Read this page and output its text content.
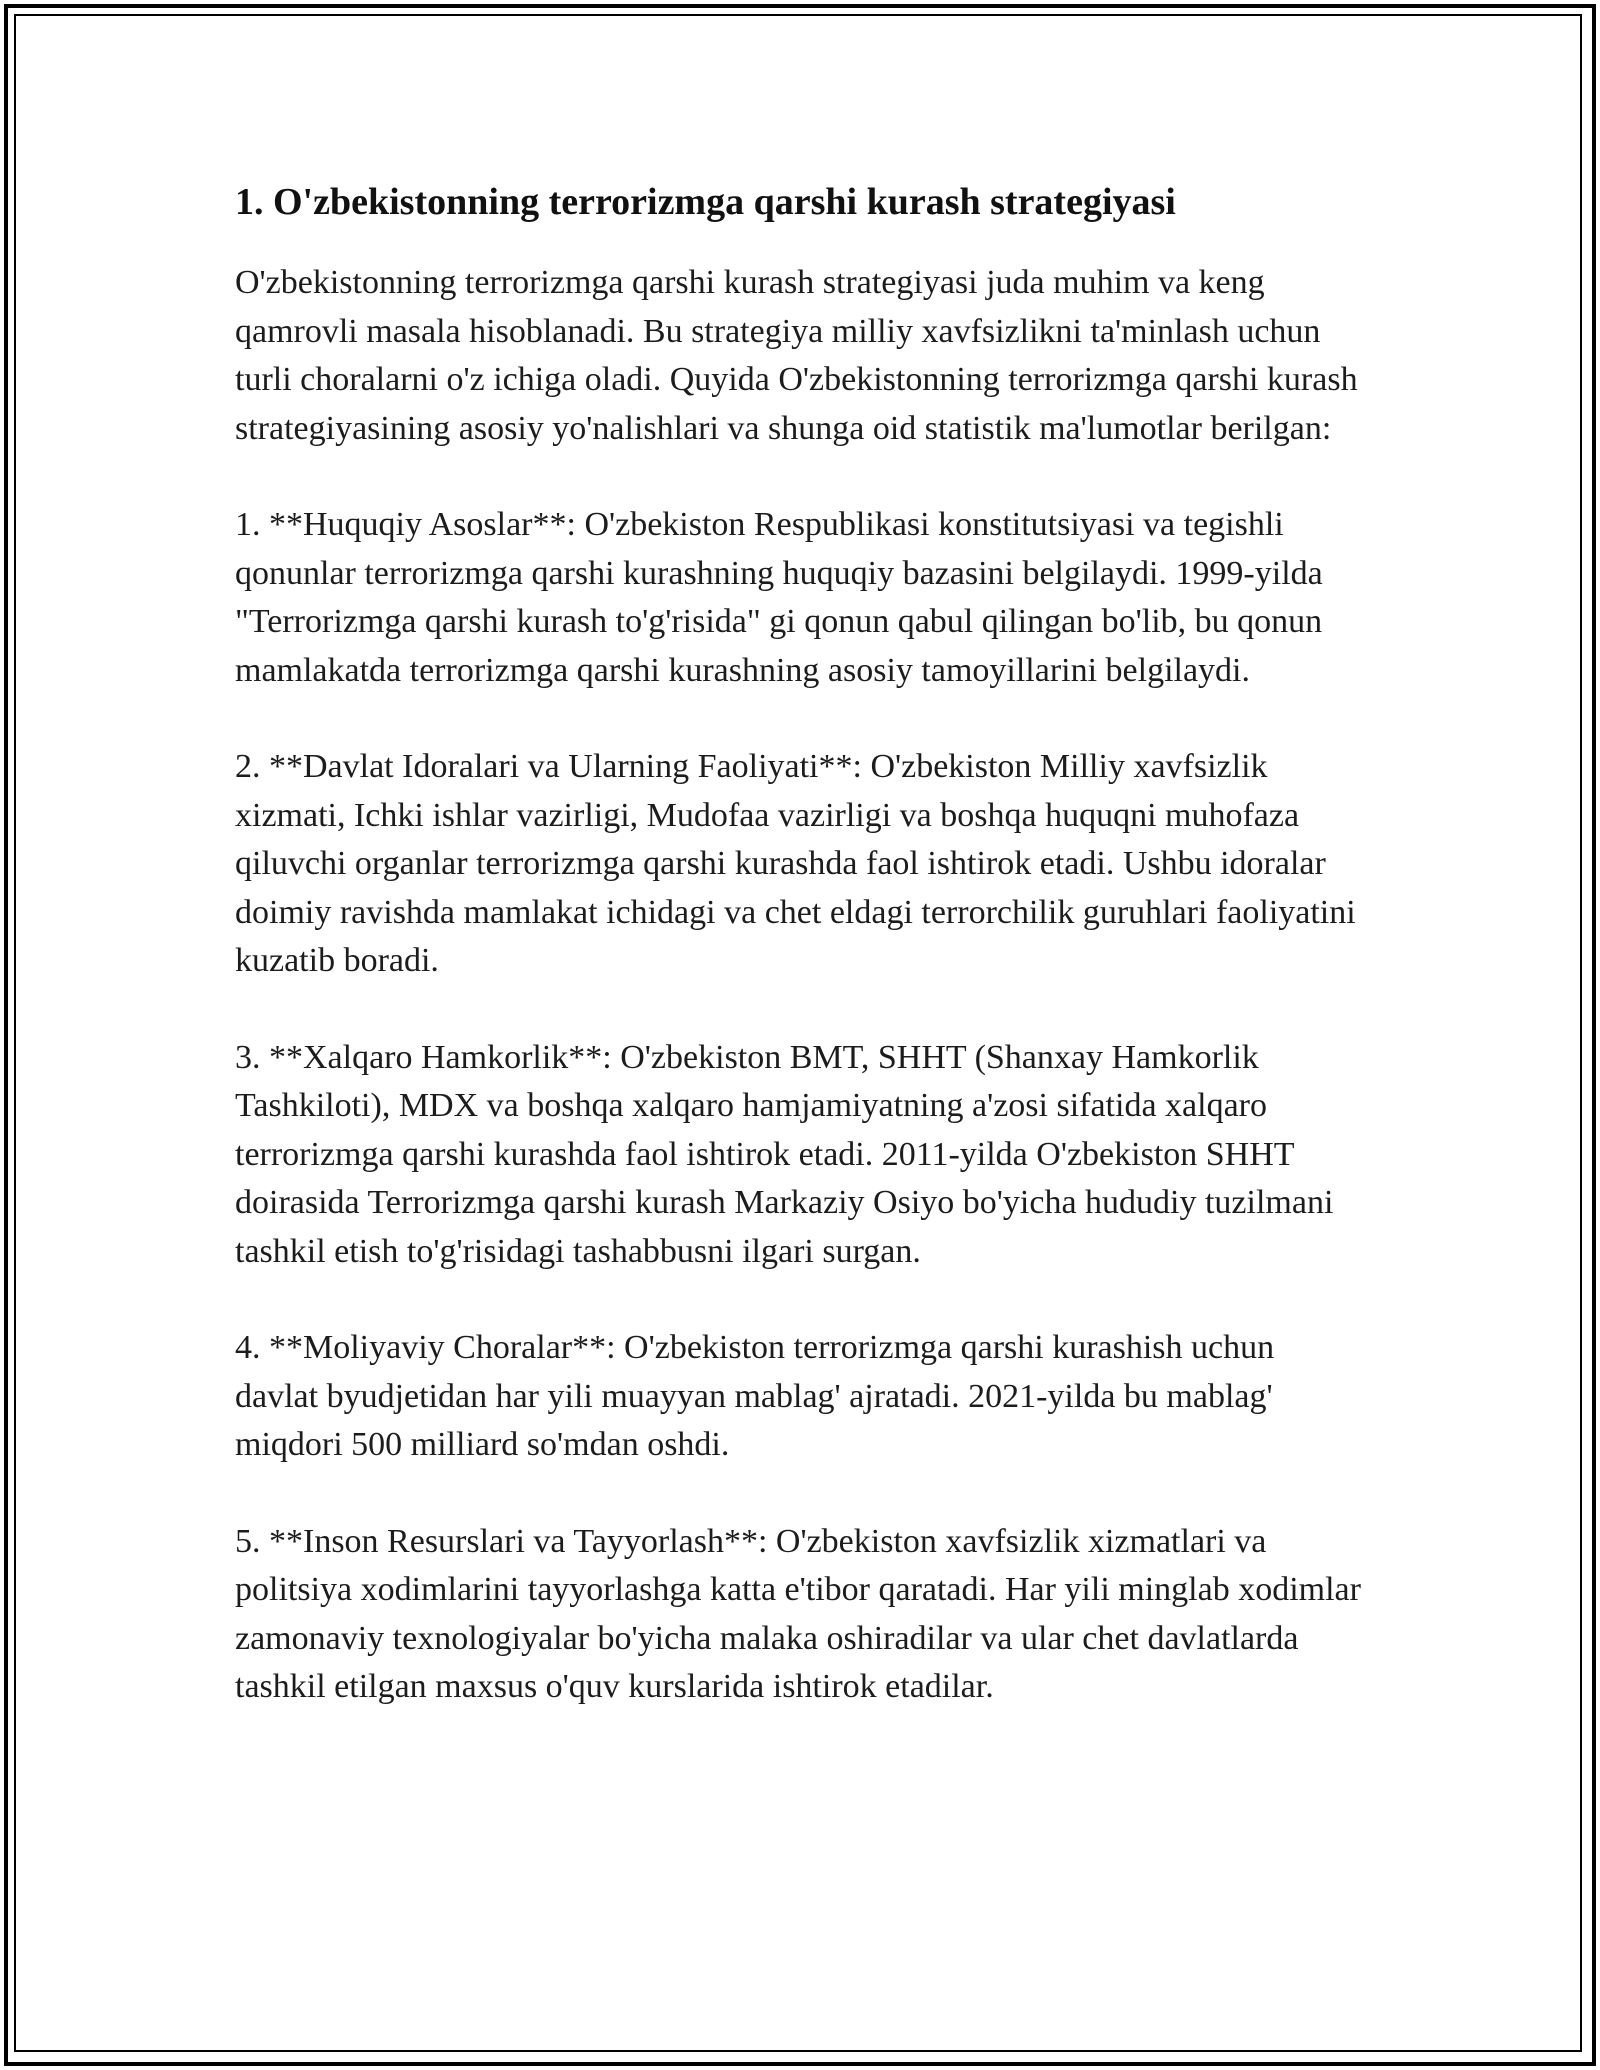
1. O'zbekistonning terrorizmga qarshi kurash strategiyasi

O'zbekistonning terrorizmga qarshi kurash strategiyasi juda muhim va keng qamrovli masala hisoblanadi. Bu strategiya milliy xavfsizlikni ta'minlash uchun turli choralarni o'z ichiga oladi. Quyida O'zbekistonning terrorizmga qarshi kurash strategiyasining asosiy yo'nalishlari va shunga oid statistik ma'lumotlar berilgan:

1. **Huquqiy Asoslar**: O'zbekiston Respublikasi konstitutsiyasi va tegishli qonunlar terrorizmga qarshi kurashning huquqiy bazasini belgilaydi. 1999-yilda "Terrorizmga qarshi kurash to'g'risida" gi qonun qabul qilingan bo'lib, bu qonun mamlakatda terrorizmga qarshi kurashning asosiy tamoyillarini belgilaydi.

2. **Davlat Idoralari va Ularning Faoliyati**: O'zbekiston Milliy xavfsizlik xizmati, Ichki ishlar vazirligi, Mudofaa vazirligi va boshqa huquqni muhofaza qiluvchi organlar terrorizmga qarshi kurashda faol ishtirok etadi. Ushbu idoralar doimiy ravishda mamlakat ichidagi va chet eldagi terrorchilik guruhlari faoliyatini kuzatib boradi.

3. **Xalqaro Hamkorlik**: O'zbekiston BMT, SHHT (Shanxay Hamkorlik Tashkiloti), MDX va boshqa xalqaro hamjamiyatning a'zosi sifatida xalqaro terrorizmga qarshi kurashda faol ishtirok etadi. 2011-yilda O'zbekiston SHHT doirasida Terrorizmga qarshi kurash Markaziy Osiyo bo'yicha hududiy tuzilmani tashkil etish to'g'risidagi tashabbusni ilgari surgan.

4. **Moliyaviy Choralar**: O'zbekiston terrorizmga qarshi kurashish uchun davlat byudjetidan har yili muayyan mablag' ajratadi. 2021-yilda bu mablag' miqdori 500 milliard so'mdan oshdi.

5. **Inson Resurslari va Tayyorlash**: O'zbekiston xavfsizlik xizmatlari va politsiya xodimlarini tayyorlashga katta e'tibor qaratadi. Har yili minglab xodimlar zamonaviy texnologiyalar bo'yicha malaka oshiradilar va ular chet davlatlarda tashkil etilgan maxsus o'quv kurslarida ishtirok etadilar.
